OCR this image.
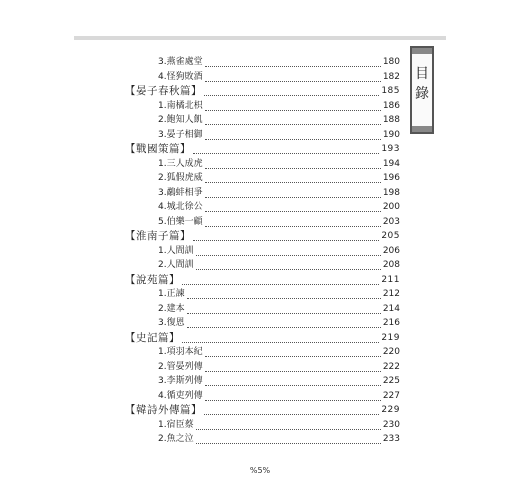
3.燕雀處堂	180
4.怪狗敗酒	182
【晏子春秋篇】	185
1.南橘北枳	186
2.飽知人飢	188
3.晏子相御	190
【戰國策篇】	193
1.三人成虎	194
2.狐假虎威	196
3.鷸蚌相爭	198
4.城北徐公	200
5.伯樂一顧	203
【淮南子篇】	205
1.人間訓	206
2.人間訓	208
【說苑篇】	211
1.正諫	212
2.建本	214
3.復恩	216
【史記篇】	219
1.項羽本紀	220
2.管晏列傳	222
3.李斯列傳	225
4.循吏列傳	227
【韓詩外傳篇】	229
1.宿臣蔡	230
2.魚之泣	233
目
錄
%5%
